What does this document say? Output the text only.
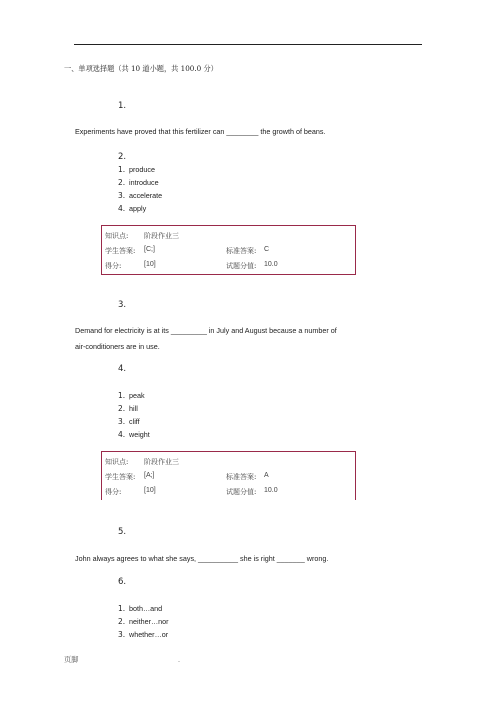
一、单项选择题（共 10 道小题，共 100.0 分）
1.
Experiments have proved that this fertilizer can ________ the growth of beans.
2.
1. produce
2. introduce
3. accelerate
4. apply
知识点: 阶段作业三
学生答案: [C;]	标准答案: C
得分:	[10]	试题分值: 10.0
3.
Demand for electricity is at its _________ in July and August because a number of
air-conditioners are in use.
4.
1. peak
2. hill
3. cliff
4. weight
知识点: 阶段作业三
学生答案: [A;]	标准答案: A
得分:	[10]	试题分值: 10.0
5.
John always agrees to what she says, __________ she is right _______ wrong.
6.
1. both…and
2. neither…nor
3. whether…or
页脚	.
